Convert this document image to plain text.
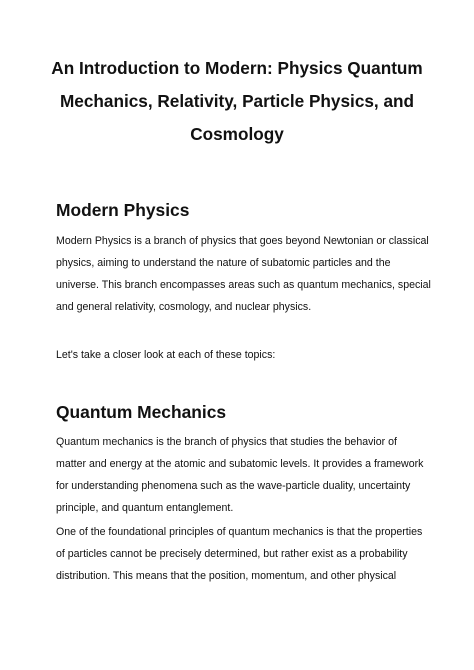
An Introduction to Modern: Physics Quantum
Mechanics, Relativity, Particle Physics, and
Cosmology
Modern Physics

Modern Physics is a branch of physics that goes beyond Newtonian or classical
physics, aiming to understand the nature of subatomic particles and the
universe. This branch encompasses areas such as quantum mechanics, special
and general relativity, cosmology, and nuclear physics.

Let's take a closer look at each of these topics:

Quantum Mechanics

Quantum mechanics is the branch of physics that studies the behavior of
matter and energy at the atomic and subatomic levels. It provides a framework
for understanding phenomena such as the wave-particle duality, uncertainty
principle, and quantum entanglement.

One of the foundational principles of quantum mechanics is that the properties
of particles cannot be precisely determined, but rather exist as a probability
distribution. This means that the position, momentum, and other physical
